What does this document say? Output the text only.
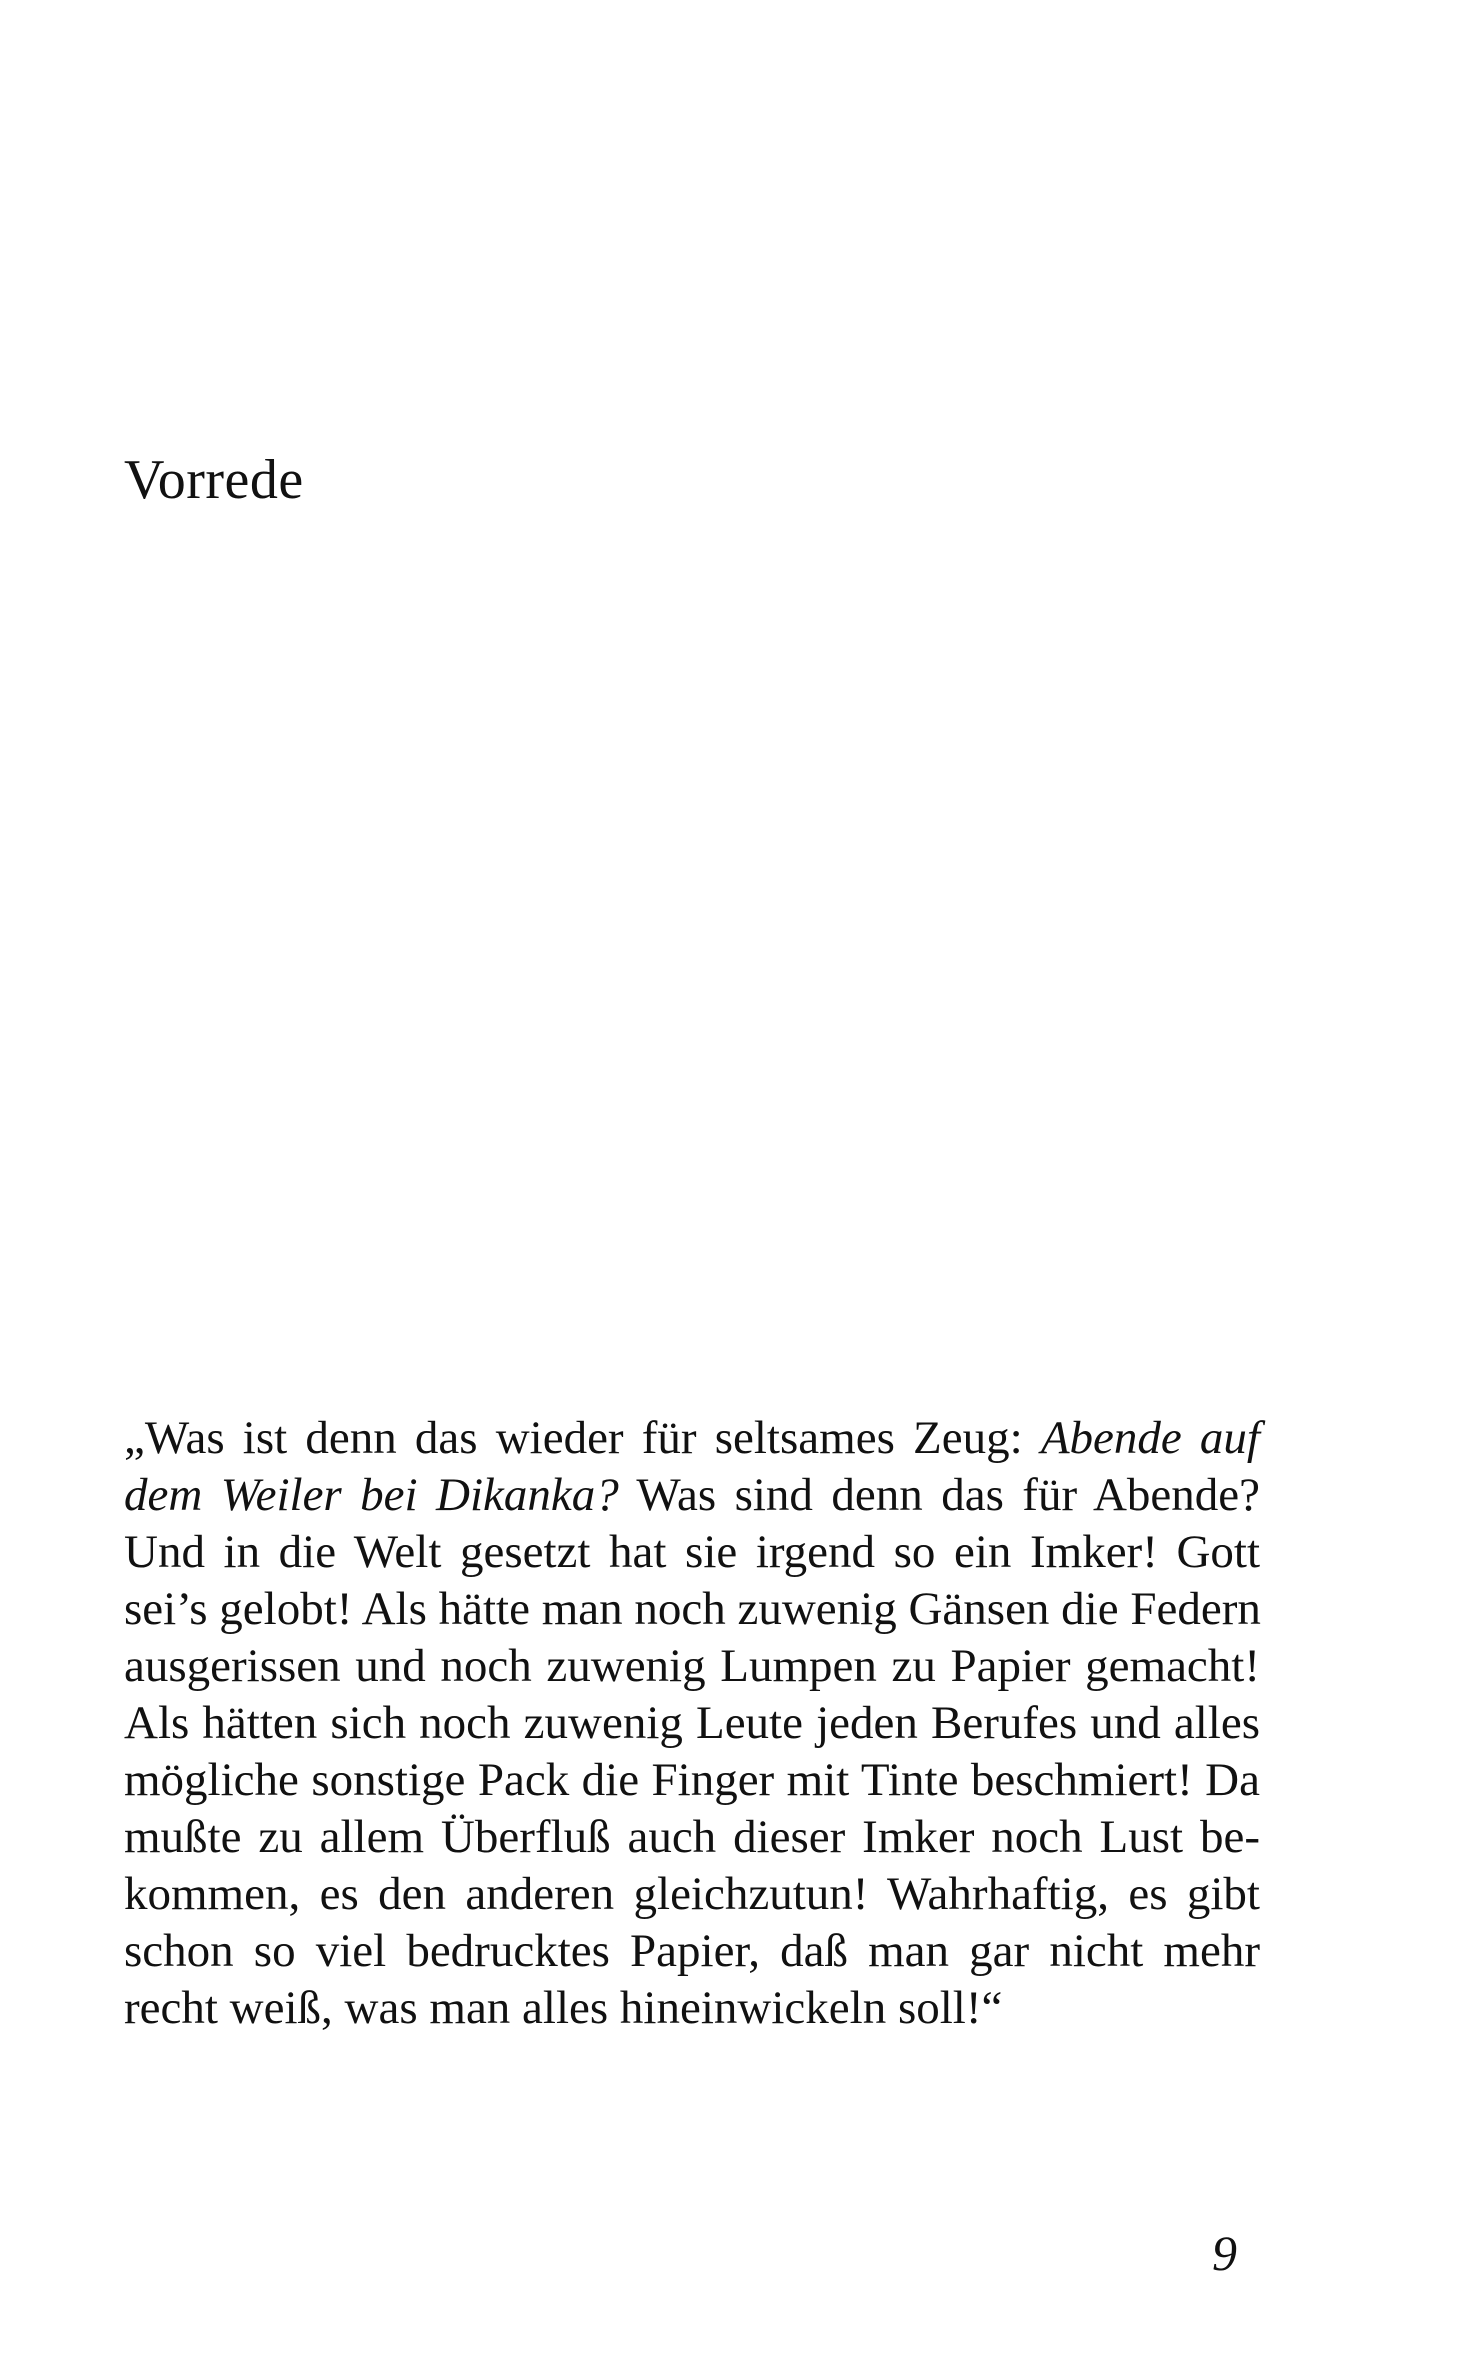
Vorrede
„Was ist denn das wieder für seltsames Zeug: Abende auf
dem Weiler bei Dikanka? Was sind denn das für Abende?
Und in die Welt gesetzt hat sie irgend so ein Imker! Gott
sei’s gelobt! Als hätte man noch zuwenig Gänsen die Federn
ausgerissen und noch zuwenig Lumpen zu Papier gemacht!
Als hätten sich noch zuwenig Leute jeden Berufes und alles
mögliche sonstige Pack die Finger mit Tinte beschmiert! Da
mußte zu allem Überfluß auch dieser Imker noch Lust be-
kommen, es den anderen gleichzutun! Wahrhaftig, es gibt
schon so viel bedrucktes Papier, daß man gar nicht mehr
recht weiß, was man alles hineinwickeln soll!“
9
